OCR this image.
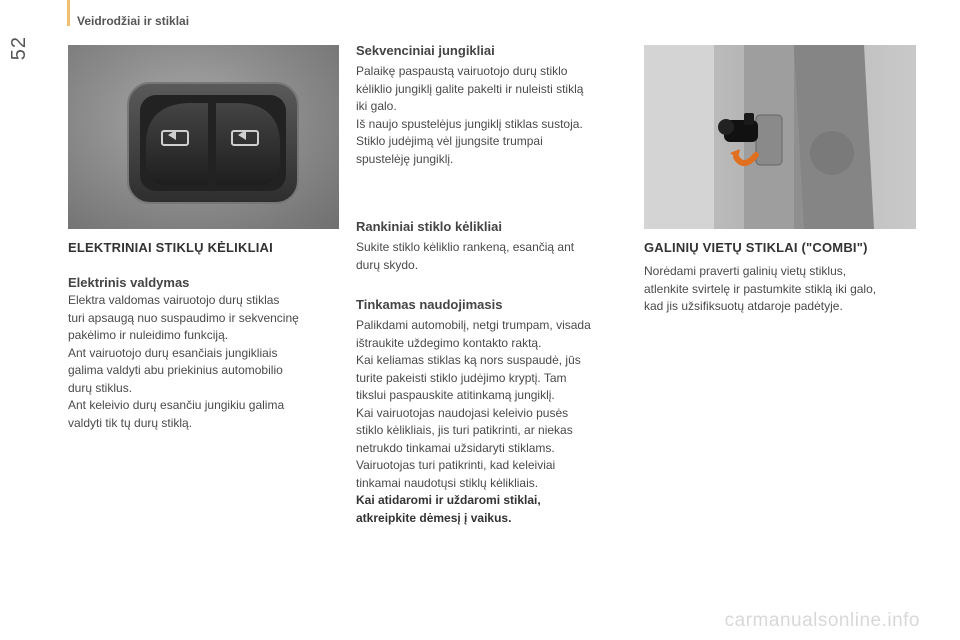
52
Veidrodžiai ir stiklai
ELEKTRINIAI STIKLŲ KĖLIKLIAI
Elektrinis valdymas
Elektra valdomas vairuotojo durų stiklas
turi apsaugą nuo suspaudimo ir sekvencinę
pakėlimo ir nuleidimo funkciją.
Ant vairuotojo durų esančiais jungikliais
galima valdyti abu priekinius automobilio
durų stiklus.
Ant keleivio durų esančiu jungikiu galima
valdyti tik tų durų stiklą.
Sekvenciniai jungikliai
Palaikę paspaustą vairuotojo durų stiklo
kėliklio jungiklį galite pakelti ir nuleisti stiklą
iki galo.
Iš naujo spustelėjus jungiklį stiklas sustoja.
Stiklo judėjimą vėl įjungsite trumpai
spustelėję jungiklį.
Rankiniai stiklo kėlikliai
Sukite stiklo kėliklio rankeną, esančią ant
durų skydo.
Tinkamas naudojimasis
Palikdami automobilį, netgi trumpam, visada
ištraukite uždegimo kontakto raktą.
Kai keliamas stiklas ką nors suspaudė, jūs
turite pakeisti stiklo judėjimo kryptį. Tam
tikslui paspauskite atitinkamą jungiklį.
Kai vairuotojas naudojasi keleivio pusės
stiklo kėlikliais, jis turi patikrinti, ar niekas
netrukdo tinkamai užsidaryti stiklams.
Vairuotojas turi patikrinti, kad keleiviai
tinkamai naudotųsi stiklų kėlikliais.
Kai atidaromi ir uždaromi stiklai,
atkreipkite dėmesį į vaikus.
GALINIŲ VIETŲ STIKLAI ("COMBI")
Norėdami praverti galinių vietų stiklus,
atlenkite svirtelę ir pastumkite stiklą iki galo,
kad jis užsifiksuotų atdaroje padėtyje.
carmanualsonline.info
